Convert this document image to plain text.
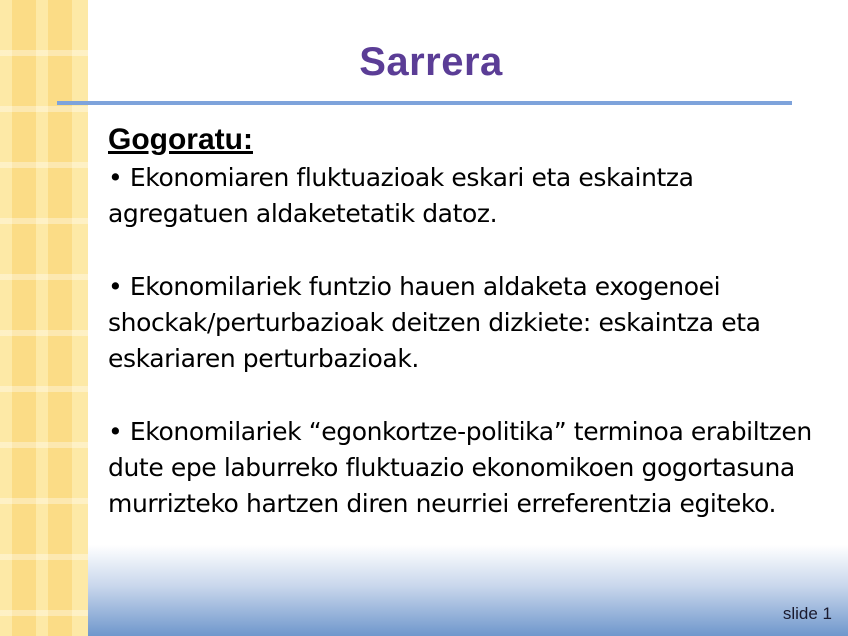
Sarrera
Gogoratu:

• Ekonomiaren fluktuazioak eskari eta eskaintza agregatuen aldaketetatik datoz.

• Ekonomilariek funtzio hauen aldaketa exogenoei shockak/perturbazioak deitzen dizkiete: eskaintza eta eskariaren perturbazioak.

• Ekonomilariek “egonkortze-politika” terminoa erabiltzen dute epe laburreko fluktuazio ekonomikoen gogortasuna murrizteko hartzen diren neurriei erreferentzia egiteko.

slide 1
